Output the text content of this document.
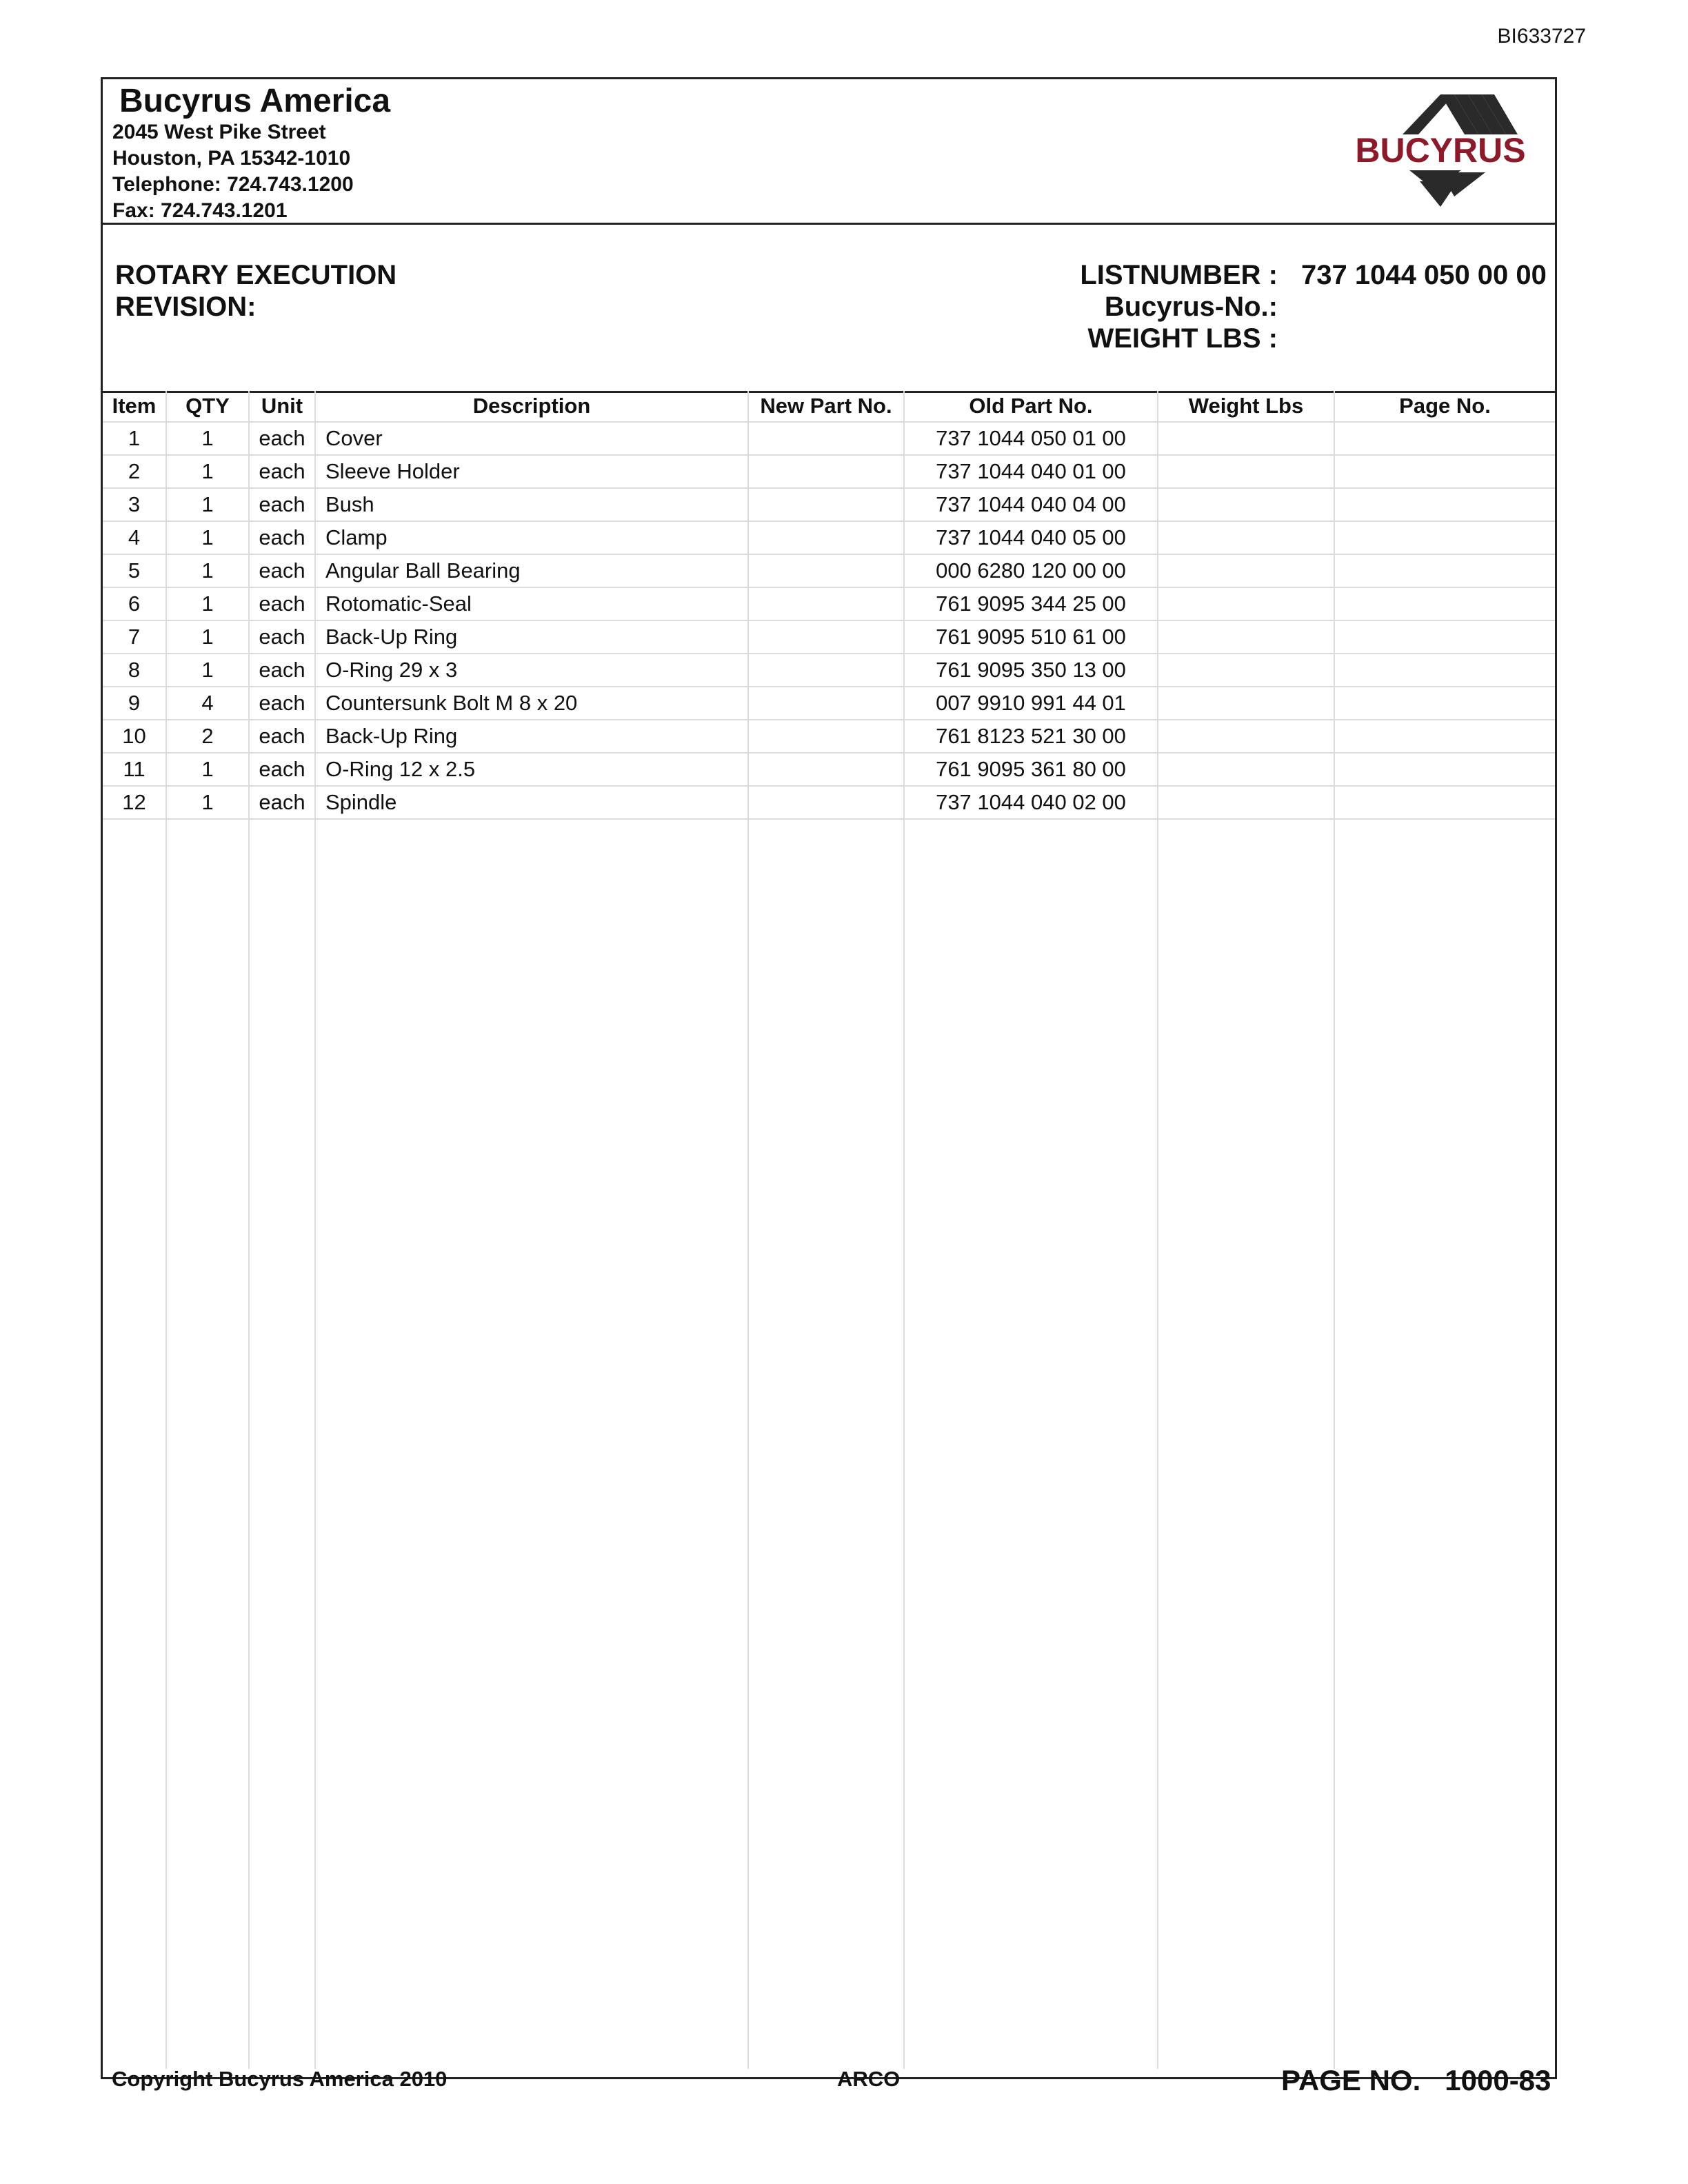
BI633727
Bucyrus America
2045 West Pike Street
Houston, PA 15342-1010
Telephone: 724.743.1200
Fax: 724.743.1201
BUCYRUS
ROTARY EXECUTION
REVISION:
LISTNUMBER : 737 1044 050 00 00
Bucyrus-No.:
WEIGHT LBS :
Item	QTY	Unit	Description	New Part No.	Old Part No.	Weight Lbs	Page No.
1	1	each	Cover		737 1044 050 01 00		
2	1	each	Sleeve Holder		737 1044 040 01 00		
3	1	each	Bush		737 1044 040 04 00		
4	1	each	Clamp		737 1044 040 05 00		
5	1	each	Angular Ball Bearing		000 6280 120 00 00		
6	1	each	Rotomatic-Seal		761 9095 344 25 00		
7	1	each	Back-Up Ring		761 9095 510 61 00		
8	1	each	O-Ring 29 x 3		761 9095 350 13 00		
9	4	each	Countersunk Bolt M 8 x 20		007 9910 991 44 01		
10	2	each	Back-Up Ring		761 8123 521 30 00		
11	1	each	O-Ring 12 x 2.5		761 9095 361 80 00		
12	1	each	Spindle		737 1044 040 02 00		
Copyright Bucyrus America 2010	ARCO	PAGE NO. 1000-83
